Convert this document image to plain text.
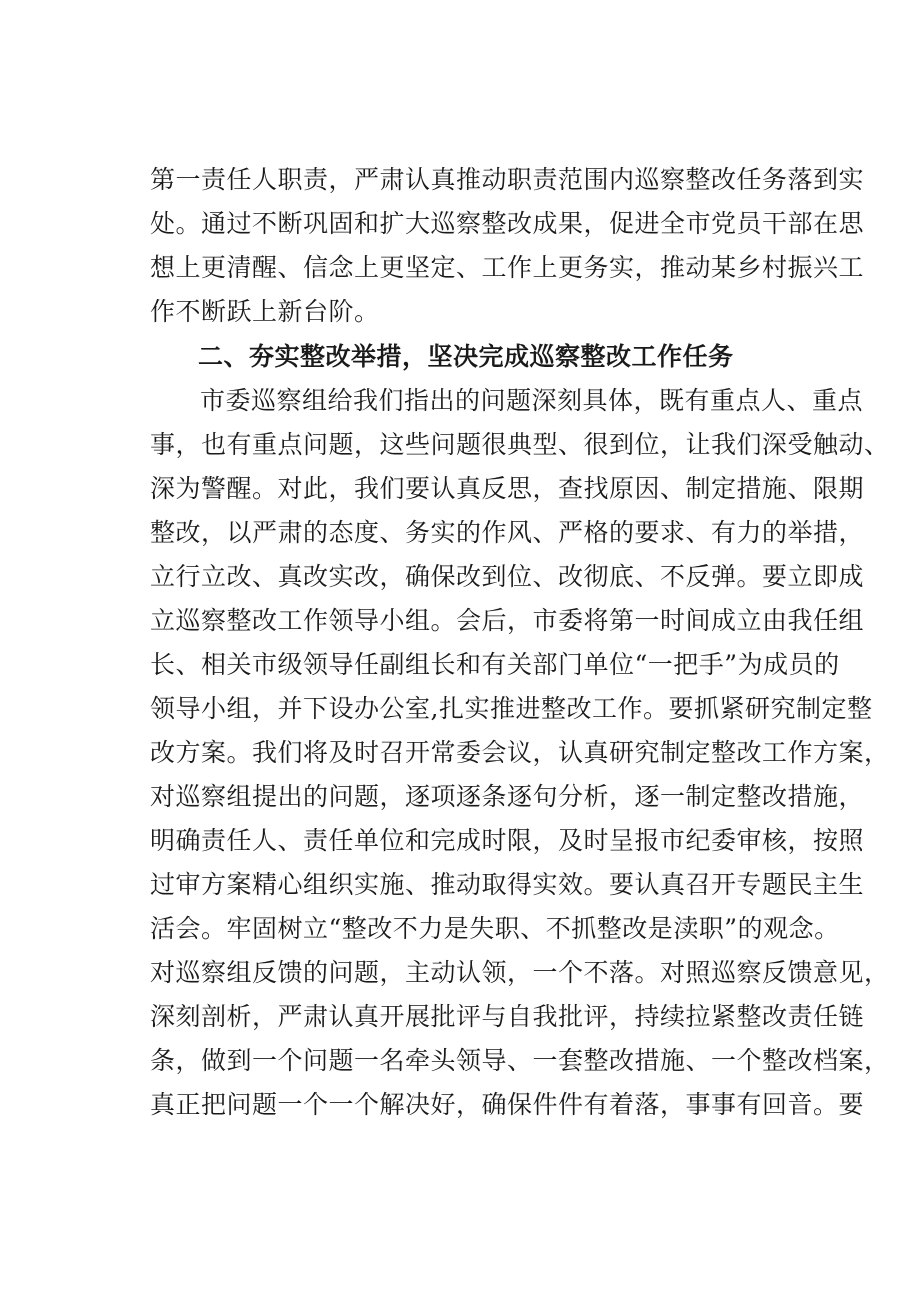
第一责任人职责，严肃认真推动职责范围内巡察整改任务落到实
处。通过不断巩固和扩大巡察整改成果，促进全市党员干部在思
想上更清醒、信念上更坚定、工作上更务实，推动某乡村振兴工
作不断跃上新台阶。
二、夯实整改举措，坚决完成巡察整改工作任务
市委巡察组给我们指出的问题深刻具体，既有重点人、重点
事，也有重点问题，这些问题很典型、很到位，让我们深受触动、
深为警醒。对此，我们要认真反思，查找原因、制定措施、限期
整改，以严肃的态度、务实的作风、严格的要求、有力的举措，
立行立改、真改实改，确保改到位、改彻底、不反弹。要立即成
立巡察整改工作领导小组。会后，市委将第一时间成立由我任组
长、相关市级领导任副组长和有关部门单位“一把手”为成员的
领导小组，并下设办公室,扎实推进整改工作。要抓紧研究制定整
改方案。我们将及时召开常委会议，认真研究制定整改工作方案，
对巡察组提出的问题，逐项逐条逐句分析，逐一制定整改措施，
明确责任人、责任单位和完成时限，及时呈报市纪委审核，按照
过审方案精心组织实施、推动取得实效。要认真召开专题民主生
活会。牢固树立“整改不力是失职、不抓整改是渎职”的观念。
对巡察组反馈的问题，主动认领，一个不落。对照巡察反馈意见，
深刻剖析，严肃认真开展批评与自我批评，持续拉紧整改责任链
条，做到一个问题一名牵头领导、一套整改措施、一个整改档案，
真正把问题一个一个解决好，确保件件有着落，事事有回音。要
